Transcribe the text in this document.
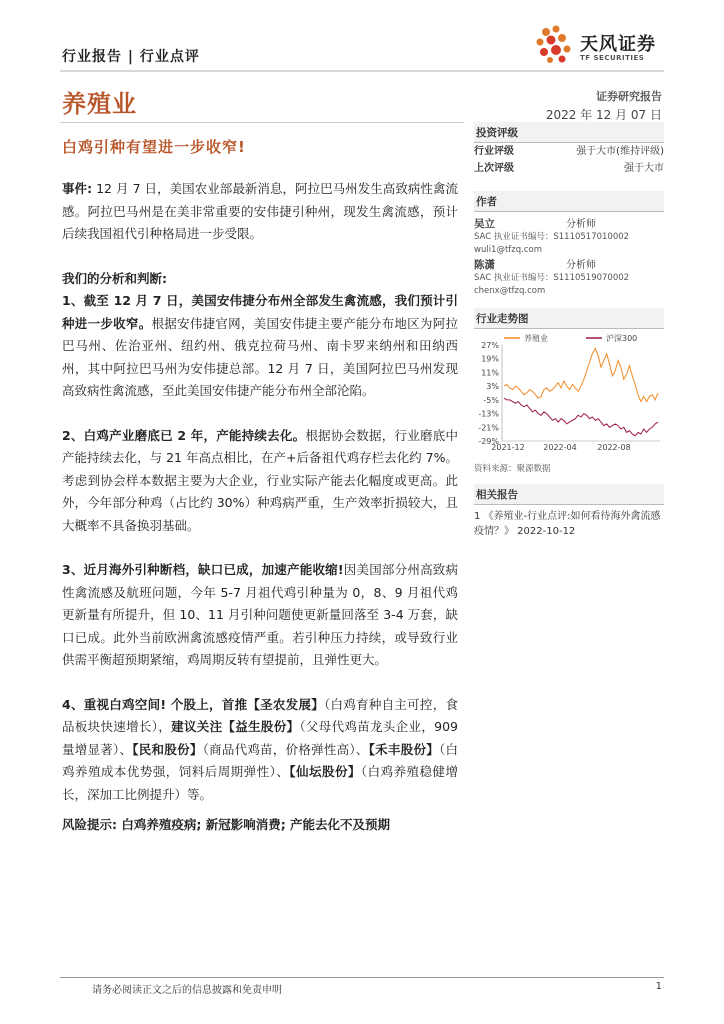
行业报告 | 行业点评
天风证券
TF SECURITIES
养殖业	证券研究报告
2022 年 12 月 07 日
白鸡引种有望进一步收窄!

事件: 12 月 7 日，美国农业部最新消息，阿拉巴马州发生高致病性禽流感。阿拉巴马州是在美非常重要的安伟捷引种州，现发生禽流感，预计后续我国祖代引种格局进一步受限。

我们的分析和判断:

1、截至 12 月 7 日，美国安伟捷分布州全部发生禽流感，我们预计引种进一步收窄。根据安伟捷官网，美国安伟捷主要产能分布地区为阿拉巴马州、佐治亚州、纽约州、俄克拉荷马州、南卡罗来纳州和田纳西州，其中阿拉巴马州为安伟捷总部。12 月 7 日，美国阿拉巴马州发现高致病性禽流感，至此美国安伟捷产能分布州全部沦陷。

2、白鸡产业磨底已 2 年，产能持续去化。根据协会数据，行业磨底中产能持续去化，与 21 年高点相比，在产+后备祖代鸡存栏去化约 7%。考虑到协会样本数据主要为大企业，行业实际产能去化幅度或更高。此外，今年部分种鸡（占比约 30%）种鸡病严重，生产效率折损较大，且大概率不具备换羽基础。

3、近月海外引种断档，缺口已成，加速产能收缩!因美国部分州高致病性禽流感及航班问题，今年 5-7 月祖代鸡引种量为 0，8、9 月祖代鸡更新量有所提升，但 10、11 月引种问题使更新量回落至 3-4 万套，缺口已成。此外当前欧洲禽流感疫情严重。若引种压力持续，或导致行业供需平衡超预期紧缩，鸡周期反转有望提前，且弹性更大。

4、重视白鸡空间! 个股上，首推【圣农发展】（白鸡育种自主可控，食品板块快速增长），建议关注【益生股份】（父母代鸡苗龙头企业，909 量增显著）、【民和股份】（商品代鸡苗，价格弹性高）、【禾丰股份】（白鸡养殖成本优势强，饲料后周期弹性）、【仙坛股份】（白鸡养殖稳健增长，深加工比例提升）等。

风险提示: 白鸡养殖疫病; 新冠影响消费; 产能去化不及预期

投资评级
行业评级	强于大市(维持评级)
上次评级	强于大市
作者
吴立	分析师
SAC 执业证书编号：S1110517010002
wuli1@tfzq.com
陈潇	分析师
SAC 执业证书编号：S1110519070002
chenx@tfzq.com
行业走势图
27%
19%
11%
3%
-5%
-13%
-21%
-29%
2021-12 2022-04	2022-08
养殖业	沪深300
资料来源：聚源数据
相关报告
1 《养殖业-行业点评:如何看待海外禽流感疫情？》 2022-10-12
请务必阅读正文之后的信息披露和免责申明	1
